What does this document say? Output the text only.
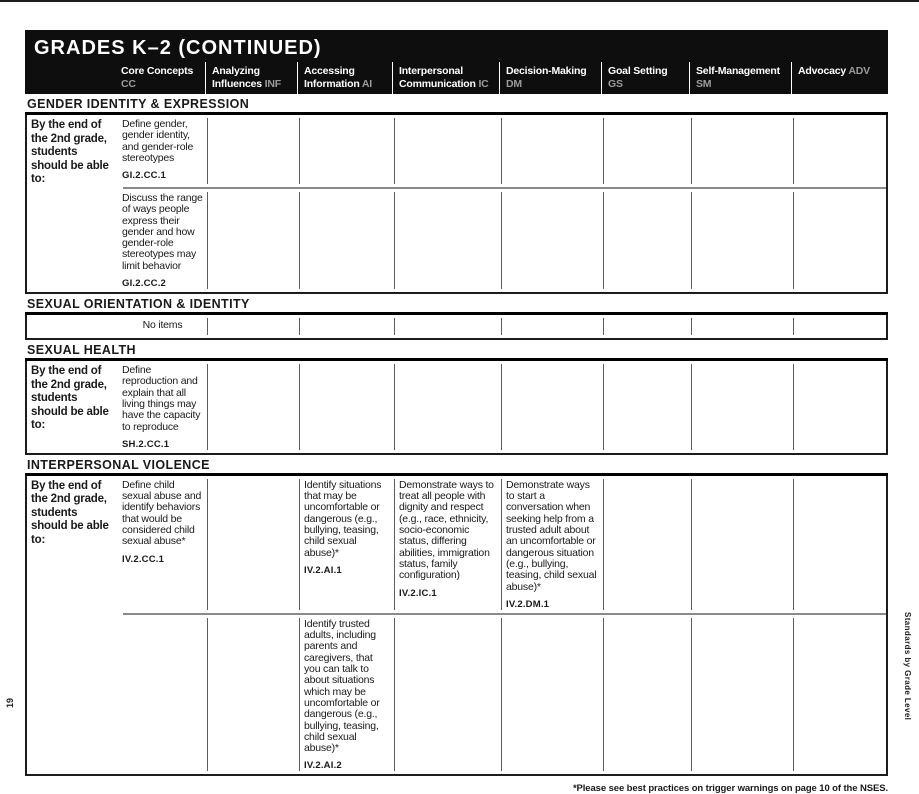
GRADES K–2 (CONTINUED)
Core Concepts
CC
Analyzing
Influences INF
Accessing
Information AI
Interpersonal
Communication IC
Decision-Making
DM
Goal Setting
GS
Self-Management
SM
Advocacy ADV
GENDER IDENTITY & EXPRESSION
By the end of the 2nd grade, students should be able to:
Define gender, gender identity, and gender-role stereotypes
GI.2.CC.1
Discuss the range of ways people express their gender and how gender-role stereotypes may limit behavior
GI.2.CC.2
SEXUAL ORIENTATION & IDENTITY
No items
SEXUAL HEALTH
By the end of the 2nd grade, students should be able to:
Define reproduction and explain that all living things may have the capacity to reproduce
SH.2.CC.1
INTERPERSONAL VIOLENCE
By the end of the 2nd grade, students should be able to:
Define child sexual abuse and identify behaviors that would be considered child sexual abuse*
IV.2.CC.1
Identify situations that may be uncomfortable or dangerous (e.g., bullying, teasing, child sexual abuse)*
IV.2.AI.1
Demonstrate ways to treat all people with dignity and respect (e.g., race, ethnicity, socio-economic status, differing abilities, immigration status, family configuration)
IV.2.IC.1
Demonstrate ways to start a conversation when seeking help from a trusted adult about an uncomfortable or dangerous situation (e.g., bullying, teasing, child sexual abuse)*
IV.2.DM.1
Identify trusted adults, including parents and caregivers, that you can talk to about situations which may be uncomfortable or dangerous (e.g., bullying, teasing, child sexual abuse)*
IV.2.AI.2
*Please see best practices on trigger warnings on page 10 of the NSES.
Standards by Grade Level
19
